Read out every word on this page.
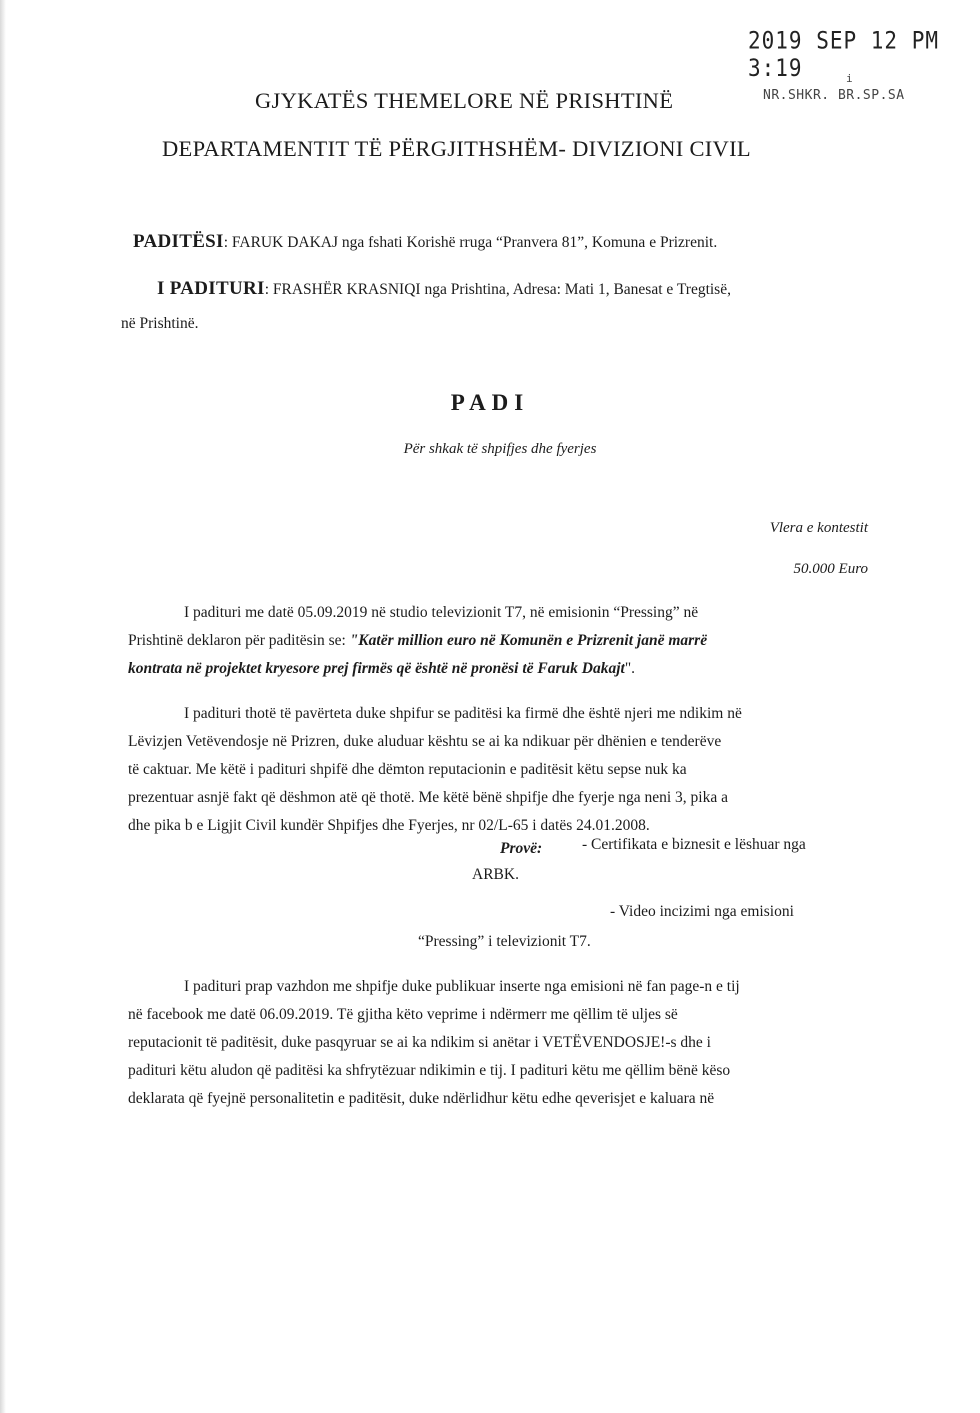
2019 SEP 12 PM 3:19	i
NR.SHKR. BR.SP.SA
GJYKATËS THEMELORE NË PRISHTINË
DEPARTAMENTIT TË PËRGJITHSHËM- DIVIZIONI CIVIL
PADITËSI: FARUK DAKAJ nga fshati Korishë rruga “Pranvera 81”, Komuna e Prizrenit.
I PADITURI: FRASHËR KRASNIQI nga Prishtina, Adresa: Mati 1, Banesat e Tregtisë,
në Prishtinë.
PADI
Për shkak të shpifjes dhe fyerjes
Vlera e kontestit
50.000 Euro
I padituri me datë 05.09.2019 në studio televizionit T7, në emisionin “Pressing” në
Prishtinë deklaron për paditësin se: "Katër million euro në Komunën e Prizrenit janë marrë
kontrata në projektet kryesore prej firmës që është në pronësi të Faruk Dakajt".
I padituri thotë të pavërteta duke shpifur se paditësi ka firmë dhe është njeri me ndikim në
Lëvizjen Vetëvendosje në Prizren, duke aluduar kështu se ai ka ndikuar për dhënien e tenderëve
të caktuar. Me këtë i padituri shpifë dhe dëmton reputacionin e paditësit këtu sepse nuk ka
prezentuar asnjë fakt që dëshmon atë që thotë. Me këtë bënë shpifje dhe fyerje nga neni 3, pika a
dhe pika b e Ligjit Civil kundër Shpifjes dhe Fyerjes, nr 02/L-65 i datës 24.01.2008.
Provë:	- Certifikata e biznesit e lëshuar nga
ARBK.
- Video incizimi nga emisioni
“Pressing” i televizionit T7.
I padituri prap vazhdon me shpifje duke publikuar inserte nga emisioni në fan page-n e tij
në facebook me datë 06.09.2019. Të gjitha këto veprime i ndërmerr me qëllim të uljes së
reputacionit të paditësit, duke pasqyruar se ai ka ndikim si anëtar i VETËVENDOSJE!-s dhe i
padituri këtu aludon që paditësi ka shfrytëzuar ndikimin e tij. I padituri këtu me qëllim bënë këso
deklarata që fyejnë personalitetin e paditësit, duke ndërlidhur këtu edhe qeverisjet e kaluara në
